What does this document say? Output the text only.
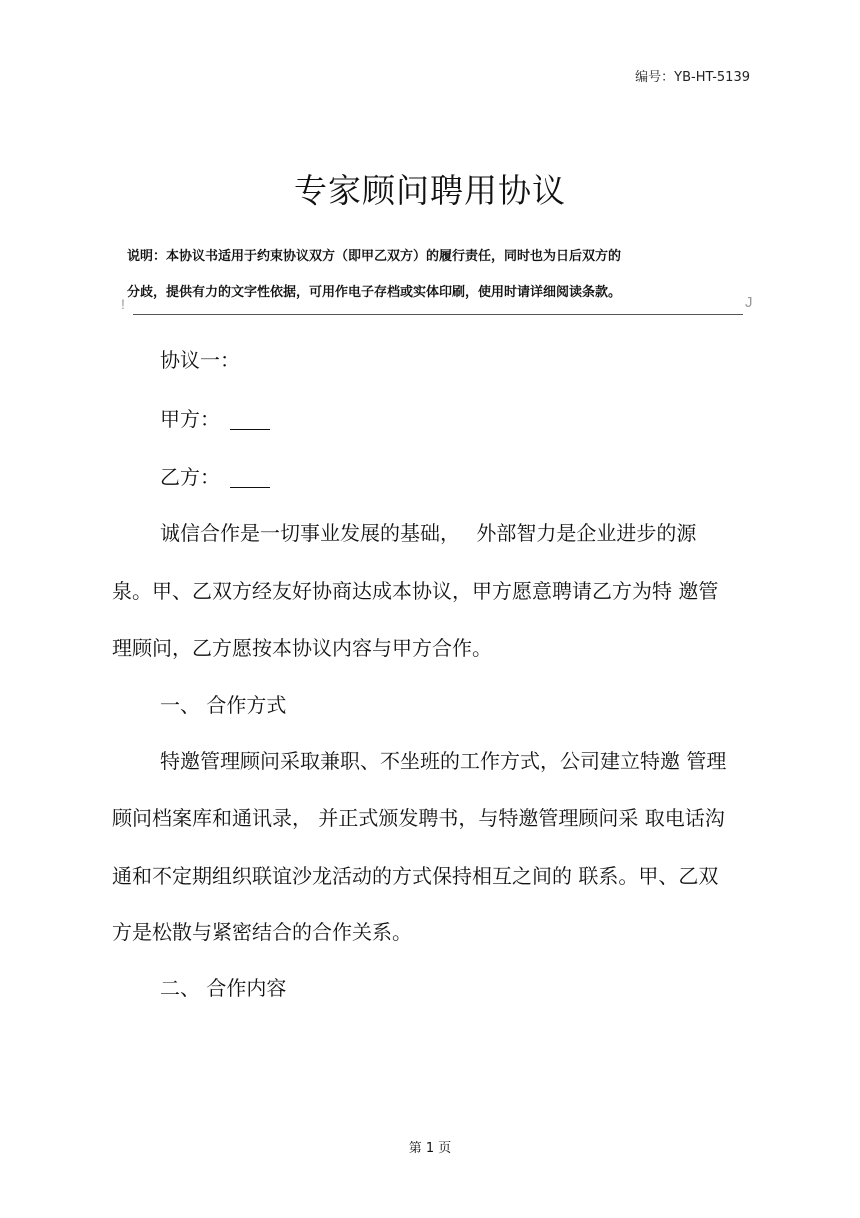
编号：YB-HT-5139
专家顾问聘用协议
说明：本协议书适用于约束协议双方（即甲乙双方）的履行责任，同时也为日后双方的
分歧，提供有力的文字性依据，可用作电子存档或实体印刷，使用时请详细阅读条款。
!	J
协议一：
甲方：
乙方：
诚信合作是一切事业发展的基础，　 外部智力是企业进步的源
泉。甲、乙双方经友好协商达成本协议，甲方愿意聘请乙方为特 邀管
理顾问，乙方愿按本协议内容与甲方合作。
一、 合作方式
特邀管理顾问采取兼职、不坐班的工作方式，公司建立特邀 管理
顾问档案库和通讯录， 并正式颁发聘书，与特邀管理顾问采 取电话沟
通和不定期组织联谊沙龙活动的方式保持相互之间的 联系。甲、乙双
方是松散与紧密结合的合作关系。
二、 合作内容
第 1 页
